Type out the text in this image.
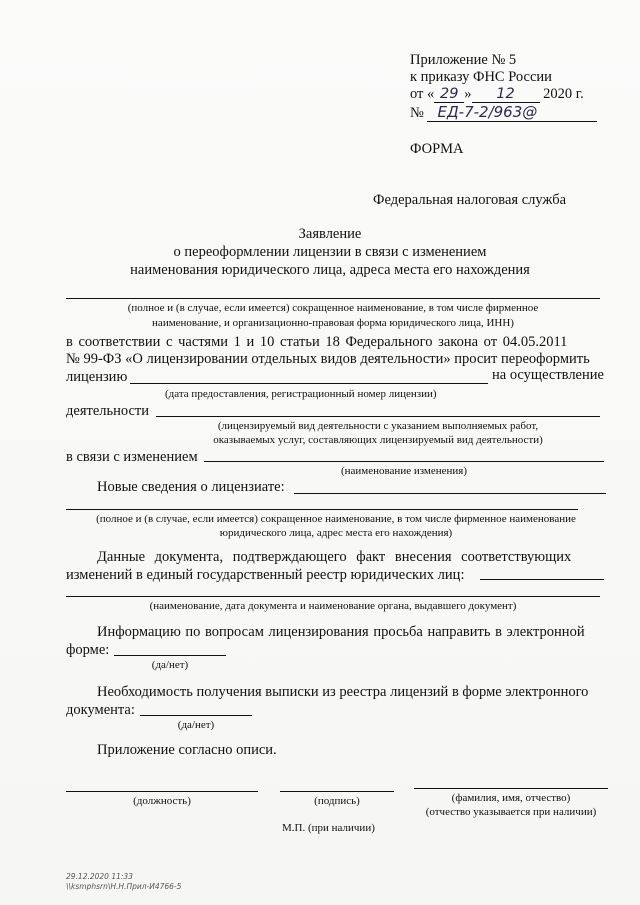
Приложение № 5
к приказу ФНС России
от « 29 » 12 2020 г.
№ ЕД-7-2/963@
ФОРМА
Федеральная налоговая служба
Заявление
о переоформлении лицензии в связи с изменением
наименования юридического лица, адреса места его нахождения
(полное и (в случае, если имеется) сокращенное наименование, в том числе фирменное
наименование, и организационно-правовая форма юридического лица, ИНН)
в соответствии с частями 1 и 10 статьи 18 Федерального закона от 04.05.2011
№ 99-ФЗ «О лицензировании отдельных видов деятельности» просит переоформить
лицензию	на осуществление
(дата предоставления, регистрационный номер лицензии)
деятельности
(лицензируемый вид деятельности с указанием выполняемых работ,
оказываемых услуг, составляющих лицензируемый вид деятельности)
в связи с изменением
(наименование изменения)
Новые сведения о лицензиате:
(полное и (в случае, если имеется) сокращенное наименование, в том числе фирменное наименование
юридического лица, адрес места его нахождения)
Данные документа, подтверждающего факт внесения соответствующих
изменений в единый государственный реестр юридических лиц:
(наименование, дата документа и наименование органа, выдавшего документ)
Информацию по вопросам лицензирования просьба направить в электронной
форме:
(да/нет)
Необходимость получения выписки из реестра лицензий в форме электронного
документа:
(да/нет)
Приложение согласно описи.
(должность)	(подпись)	(фамилия, имя, отчество)
(отчество указывается при наличии)
М.П. (при наличии)
29.12.2020 11:33
\\ksmphsrn\Н.Н.Прил-И4766-5
